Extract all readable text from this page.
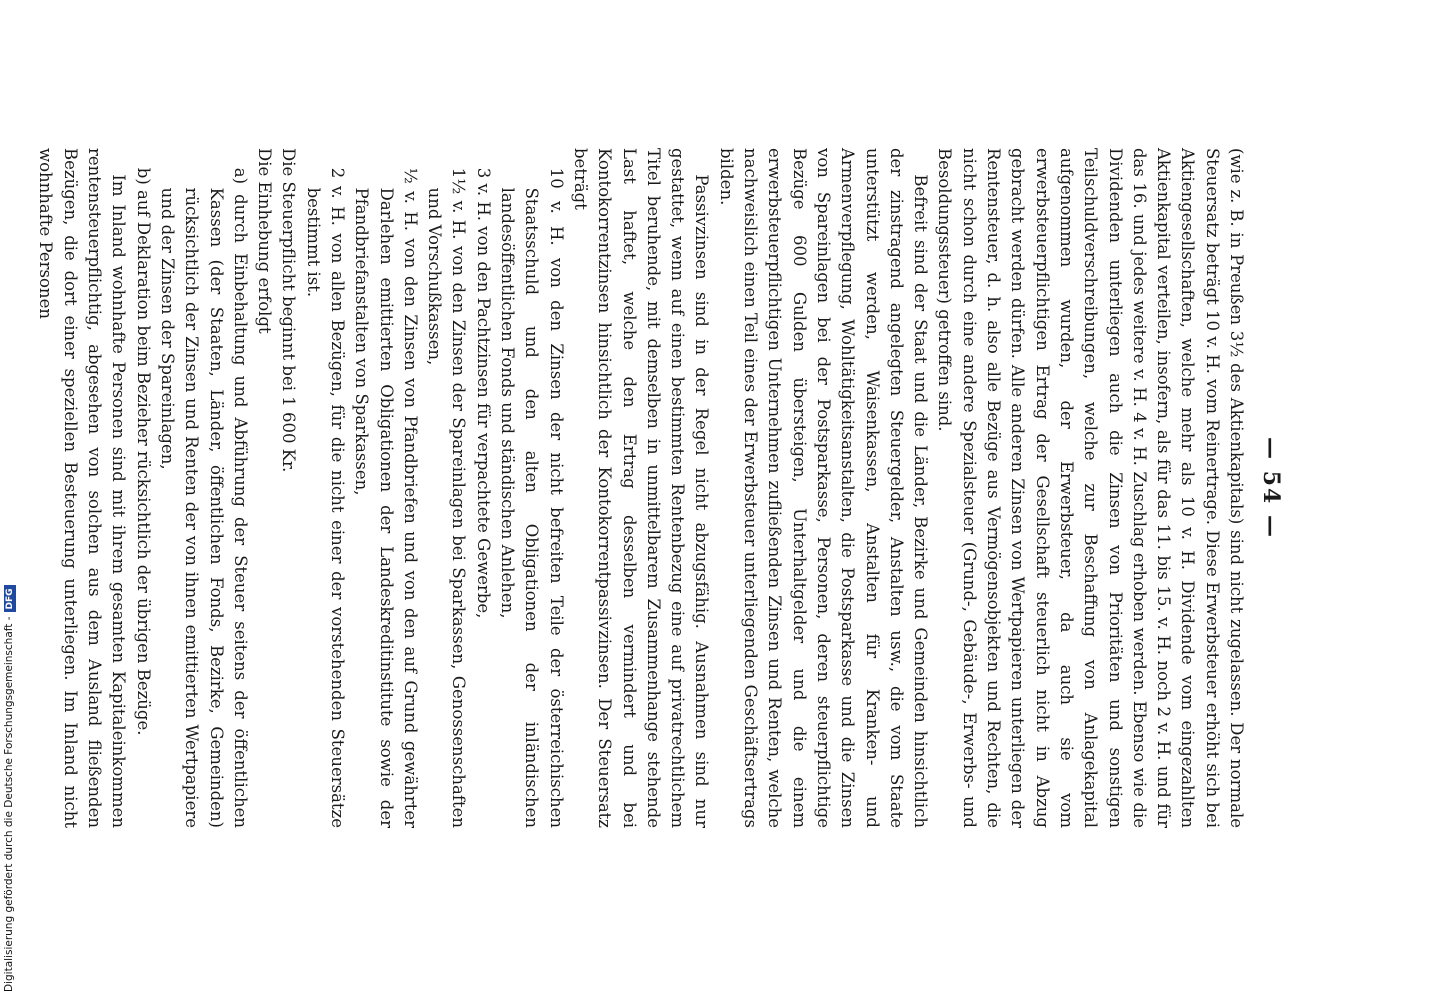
— 54 —

(wie z. B. in Preußen 3½ des Aktienkapitals) sind nicht zugelassen. Der normale Steuersatz beträgt 10 v. H. vom Reinertrage. Diese Erwerbsteuer erhöht sich bei Aktiengesellschaften, welche mehr als 10 v. H. Dividende vom eingezahlten Aktienkapital verteilen, insofern, als für das 11. bis 15. v. H. noch 2 v. H. und für das 16. und jedes weitere v. H. 4 v. H. Zuschlag erhoben werden. Ebenso wie die Dividenden unterliegen auch die Zinsen von Prioritäten und sonstigen Teilschuldverschreibungen, welche zur Beschaffung von Anlagekapital aufgenommen wurden, der Erwerbsteuer, da auch sie vom erwerbsteuerpflichtigen Ertrag der Gesellschaft steuerlich nicht in Abzug gebracht werden dürfen. Alle anderen Zinsen von Wertpapieren unterliegen der Rentensteuer, d. h. also alle Bezüge aus Vermögensobjekten und Rechten, die nicht schon durch eine andere Spezialsteuer (Grund-, Gebäude-, Erwerbs- und Besoldungssteuer) getroffen sind.

Befreit sind der Staat und die Länder, Bezirke und Gemeinden hinsichtlich der zinstragend angelegten Steuergelder, Anstalten usw., die vom Staate unterstützt werden, Waisenkassen, Anstalten für Kranken- und Armenverpflegung, Wohltätigkeitsanstalten, die Postsparkasse und die Zinsen von Spareinlagen bei der Postsparkasse, Personen, deren steuerpflichtige Bezüge 600 Gulden übersteigen, Unterhaltgelder und die einem erwerbsteuerpflichtigen Unternehmen zufließenden Zinsen und Renten, welche nachweislich einen Teil eines der Erwerbsteuer unterliegenden Geschäftsertrags bilden.

Passivzinsen sind in der Regel nicht abzugsfähig. Ausnahmen sind nur gestattet, wenn auf einen bestimmten Rentenbezug eine auf privatrechtlichem Titel beruhende, mit demselben in unmittelbarem Zusammenhange stehende Last haftet, welche den Ertrag desselben vermindert und bei Kontokorrentzinsen hinsichtlich der Kontokorrentpassivzinsen. Der Steuersatz beträgt

10 v. H. von den Zinsen der nicht befreiten Teile der österreichischen Staatsschuld und den alten Obligationen der inländischen landesöffentlichen Fonds und ständischen Anlehen,

3 v. H. von den Pachtzinsen für verpachtete Gewerbe,

1½ v. H. von den Zinsen der Spareinlagen bei Sparkassen, Genossenschaften und Vorschußkassen,

½ v. H. von den Zinsen von Pfandbriefen und von den auf Grund gewährter Darlehen emittierten Obligationen der Landeskreditinstitute sowie der Pfandbriefanstalten von Sparkassen,

2 v. H. von allen Bezügen, für die nicht einer der vorstehenden Steuersätze bestimmt ist.

Die Steuerpflicht beginnt bei 1 600 Kr.

Die Einhebung erfolgt

a) durch Einbehaltung und Abführung der Steuer seitens der öffentlichen Kassen (der Staaten, Länder, öffentlichen Fonds, Bezirke, Gemeinden) rücksichtlich der Zinsen und Renten der von ihnen emittierten Wertpapiere und der Zinsen der Spareinlagen,

b) auf Deklaration beim Bezieher rücksichtlich der übrigen Bezüge.

Im Inland wohnhafte Personen sind mit ihrem gesamten Kapitaleinkommen rentensteuerpflichtig, abgesehen von solchen aus dem Ausland fließenden Bezügen, die dort einer speziellen Besteuerung unterliegen. Im Inland nicht wohnhafte Personen

Digitalisierung gefördert durch die Deutsche Forschungsgemeinschaft -DFG
